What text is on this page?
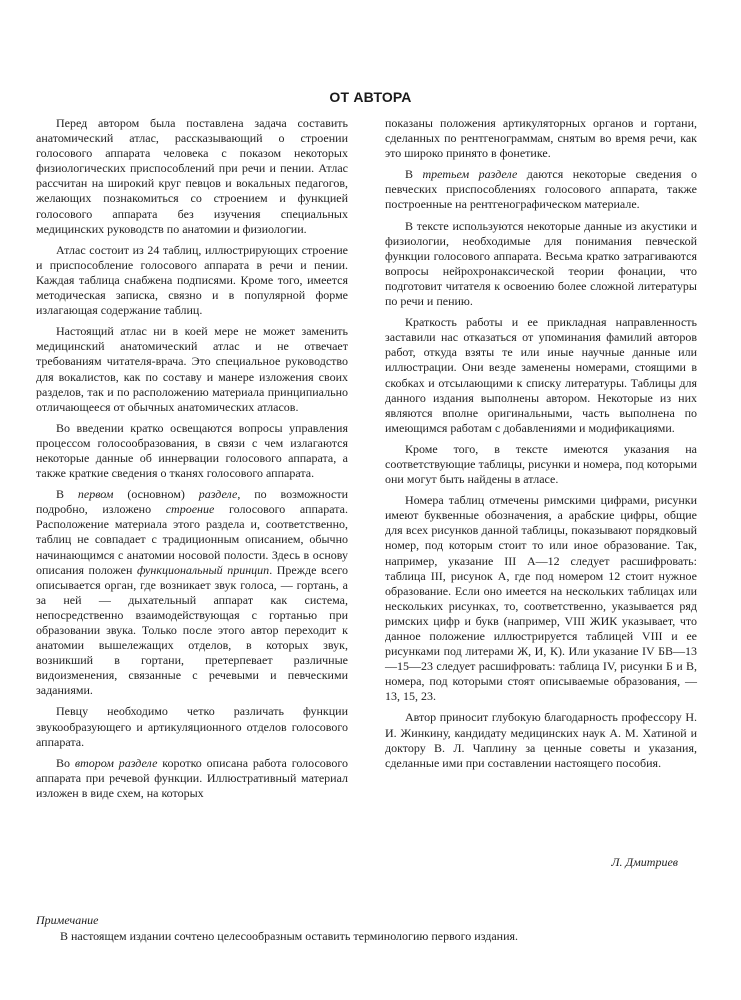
ОТ АВТОРА

Перед автором была поставлена задача составить анатомический атлас, рассказывающий о строении голосового аппарата человека с показом некоторых физиологических приспособлений при речи и пении. Атлас рассчитан на широкий круг певцов и вокальных педагогов, желающих познакомиться со строением и функцией голосового аппарата без изучения специальных медицинских руководств по анатомии и физиологии.

Атлас состоит из 24 таблиц, иллюстрирующих строение и приспособление голосового аппарата в речи и пении. Каждая таблица снабжена подписями. Кроме того, имеется методическая записка, связно и в популярной форме излагающая содержание таблиц.

Настоящий атлас ни в коей мере не может заменить медицинский анатомический атлас и не отвечает требованиям читателя-врача. Это специальное руководство для вокалистов, как по составу и манере изложения своих разделов, так и по расположению материала принципиально отличающееся от обычных анатомических атласов.

Во введении кратко освещаются вопросы управления процессом голосообразования, в связи с чем излагаются некоторые данные об иннервации голосового аппарата, а также краткие сведения о тканях голосового аппарата.

В первом (основном) разделе, по возможности подробно, изложено строение голосового аппарата. Расположение материала этого раздела и, соответственно, таблиц не совпадает с традиционным описанием, обычно начинающимся с анатомии носовой полости. Здесь в основу описания положен функциональный принцип. Прежде всего описывается орган, где возникает звук голоса, — гортань, а за ней — дыхательный аппарат как система, непосредственно взаимодействующая с гортанью при образовании звука. Только после этого автор переходит к анатомии вышележащих отделов, в которых звук, возникший в гортани, претерпевает различные видоизменения, связанные с речевыми и певческими заданиями.

Певцу необходимо четко различать функции звукообразующего и артикуляционного отделов голосового аппарата.

Во втором разделе коротко описана работа голосового аппарата при речевой функции. Иллюстративный материал изложен в виде схем, на которых

показаны положения артикуляторных органов и гортани, сделанных по рентгенограммам, снятым во время речи, как это широко принято в фонетике.

В третьем разделе даются некоторые сведения о певческих приспособлениях голосового аппарата, также построенные на рентгенографическом материале.

В тексте используются некоторые данные из акустики и физиологии, необходимые для понимания певческой функции голосового аппарата. Весьма кратко затрагиваются вопросы нейрохронаксической теории фонации, что подготовит читателя к освоению более сложной литературы по речи и пению.

Краткость работы и ее прикладная направленность заставили нас отказаться от упоминания фамилий авторов работ, откуда взяты те или иные научные данные или иллюстрации. Они везде заменены номерами, стоящими в скобках и отсылающими к списку литературы. Таблицы для данного издания выполнены автором. Некоторые из них являются вполне оригинальными, часть выполнена по имеющимся работам с добавлениями и модификациями.

Кроме того, в тексте имеются указания на соответствующие таблицы, рисунки и номера, под которыми они могут быть найдены в атласе.

Номера таблиц отмечены римскими цифрами, рисунки имеют буквенные обозначения, а арабские цифры, общие для всех рисунков данной таблицы, показывают порядковый номер, под которым стоит то или иное образование. Так, например, указание III А—12 следует расшифровать: таблица III, рисунок А, где под номером 12 стоит нужное образование. Если оно имеется на нескольких таблицах или нескольких рисунках, то, соответственно, указывается ряд римских цифр и букв (например, VIII ЖИК указывает, что данное положение иллюстрируется таблицей VIII и ее рисунками под литерами Ж, И, К). Или указание IV БВ—13—15—23 следует расшифровать: таблица IV, рисунки Б и В, номера, под которыми стоят описываемые образования, — 13, 15, 23.

Автор приносит глубокую благодарность профессору Н. И. Жинкину, кандидату медицинских наук А. М. Хатиной и доктору В. Л. Чаплину за ценные советы и указания, сделанные ими при составлении настоящего пособия.

Л. Дмитриев
Примечание
В настоящем издании сочтено целесообразным оставить терминологию первого издания.
